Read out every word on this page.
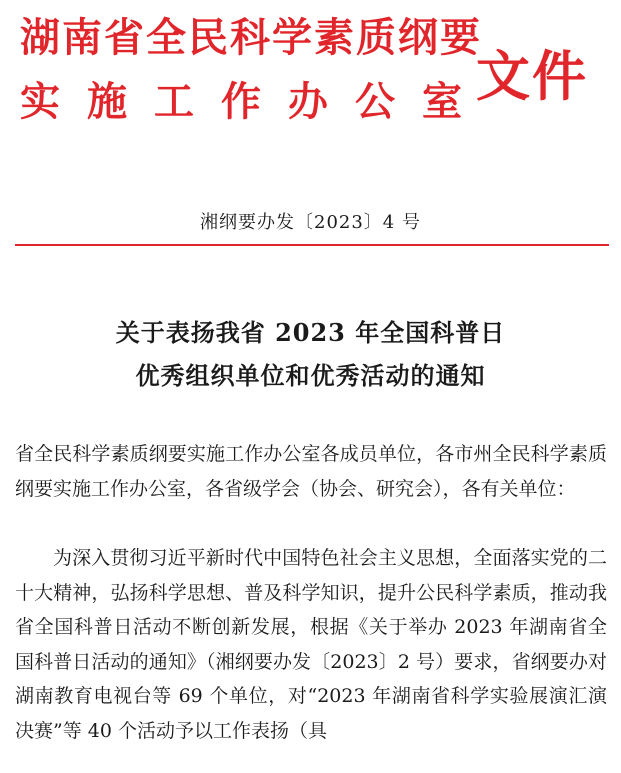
湖南省全民科学素质纲要
实施工作办公室
文件
湘纲要办发〔2023〕4 号
关于表扬我省 2023 年全国科普日
优秀组织单位和优秀活动的通知
省全民科学素质纲要实施工作办公室各成员单位，各市州全民科学素质纲要实施工作办公室，各省级学会（协会、研究会），各有关单位：
为深入贯彻习近平新时代中国特色社会主义思想，全面落实党的二十大精神，弘扬科学思想、普及科学知识，提升公民科学素质，推动我省全国科普日活动不断创新发展，根据《关于举办 2023 年湖南省全国科普日活动的通知》（湘纲要办发〔2023〕2 号）要求，省纲要办对湖南教育电视台等 69 个单位，对“2023 年湖南省科学实验展演汇演决赛”等 40 个活动予以工作表扬（具
